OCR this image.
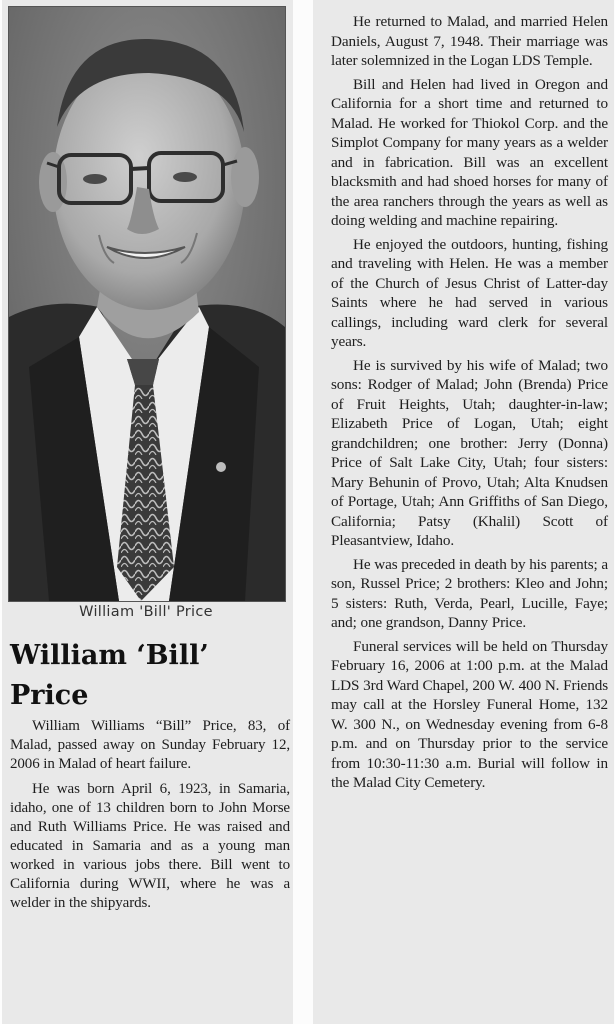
He returned to Malad, and married Helen Daniels, August 7, 1948. Their marriage was later solemnized in the Logan LDS Temple.

Bill and Helen had lived in Oregon and California for a short time and returned to Malad. He worked for Thiokol Corp. and the Simplot Company for many years as a welder and in fabrication. Bill was an excellent blacksmith and had shoed horses for many of the area ranchers through the years as well as doing welding and machine repairing.

He enjoyed the outdoors, hunting, fishing and traveling with Helen. He was a member of the Church of Jesus Christ of Latter-day Saints where he had served in various callings, including ward clerk for several years.

He is survived by his wife of Malad; two sons: Rodger of Malad; John (Brenda) Price of Fruit Heights, Utah; daughter-in-law; Elizabeth Price of Logan, Utah; eight grandchildren; one brother: Jerry (Donna) Price of Salt Lake City, Utah; four sisters: Mary Behunin of Provo, Utah; Alta Knudsen of Portage, Utah; Ann Griffiths of San Diego, California; Patsy (Khalil) Scott of Pleasantview, Idaho.

He was preceded in death by his parents; a son, Russel Price; 2 brothers: Kleo and John; 5 sisters: Ruth, Verda, Pearl, Lucille, Faye; and; one grandson, Danny Price.

Funeral services will be held on Thursday February 16, 2006 at 1:00 p.m. at the Malad LDS 3rd Ward Chapel, 200 W. 400 N. Friends may call at the Horsley Funeral Home, 132 W. 300 N., on Wednesday evening from 6-8 p.m. and on Thursday prior to the service from 10:30-11:30 a.m. Burial will follow in the Malad City Cemetery.

William 'Bill' Price
William ‘Bill’ Price

William Williams “Bill” Price, 83, of Malad, passed away on Sunday February 12, 2006 in Malad of heart failure.

He was born April 6, 1923, in Samaria, idaho, one of 13 children born to John Morse and Ruth Williams Price. He was raised and educated in Samaria and as a young man worked in various jobs there. Bill went to California during WWII, where he was a welder in the shipyards.
